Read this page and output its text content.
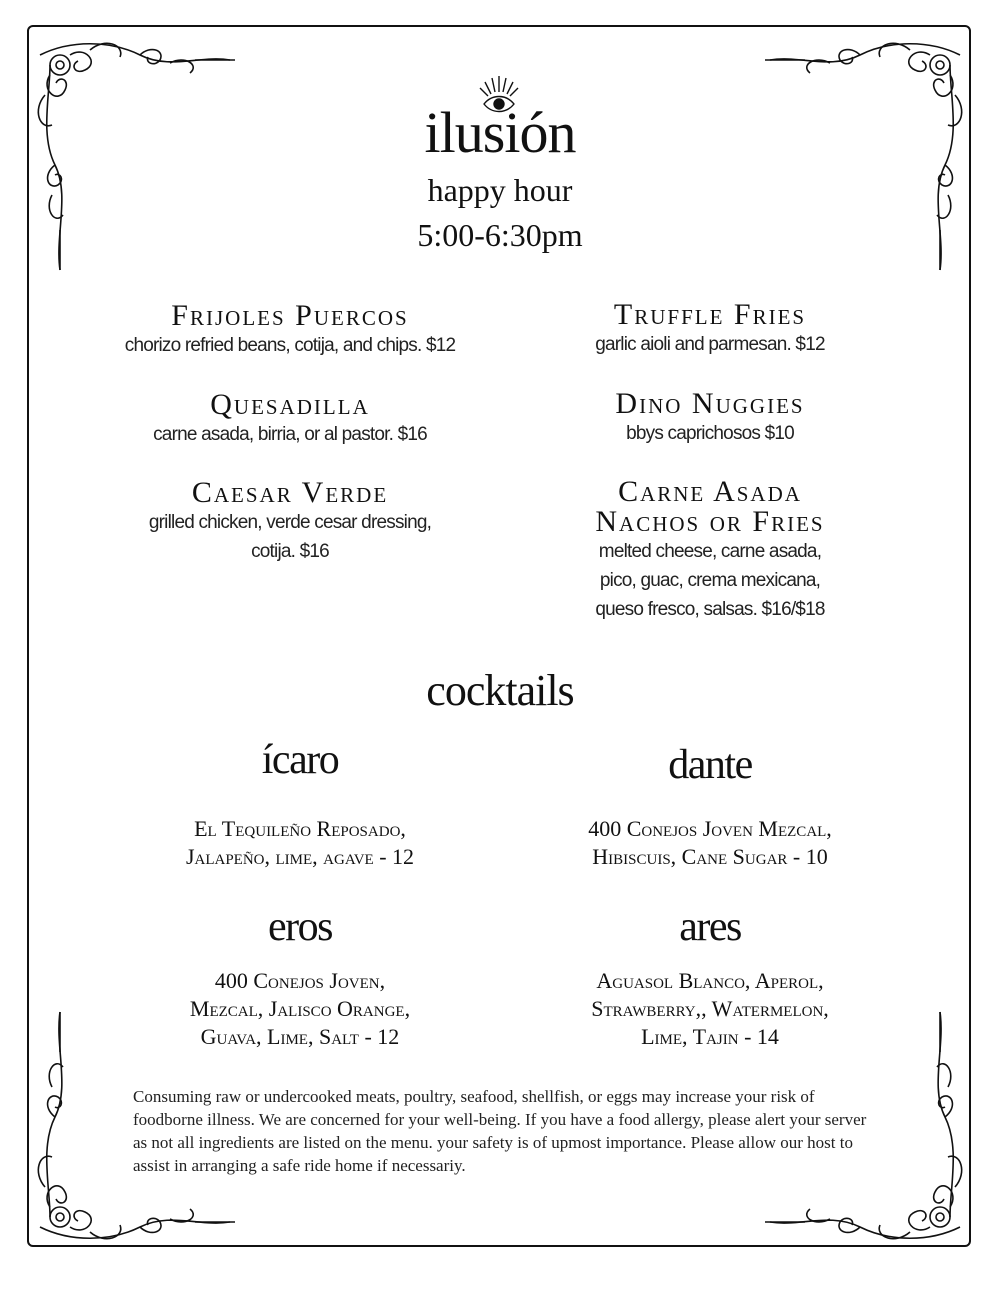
ilusión
happy hour
5:00-6:30pm
Frijoles Puercos
chorizo refried beans, cotija, and chips. $12
Quesadilla
carne asada, birria, or al pastor. $16
Caesar Verde
grilled chicken, verde cesar dressing,
cotija. $16
Truffle Fries
garlic aioli and parmesan. $12
Dino Nuggies
bbys caprichosos $10
Carne Asada
Nachos or Fries
melted cheese, carne asada,
pico, guac, crema mexicana,
queso fresco, salsas. $16/$18
cocktails
ícaro
El Tequileño Reposado,
Jalapeño, lime, agave - 12
dante
400 Conejos Joven Mezcal,
Hibiscuis, Cane Sugar - 10
eros
400 Conejos Joven,
Mezcal, Jalisco Orange,
Guava, Lime, Salt - 12
ares
Aguasol Blanco, Aperol,
Strawberry,, Watermelon,
Lime, Tajin - 14
Consuming raw or undercooked meats, poultry, seafood, shellfish, or eggs may increase your risk of foodborne illness. We are concerned for your well-being. If you have a food allergy, please alert your server as not all ingredients are listed on the menu. your safety is of upmost importance. Please allow our host to assist in arranging a safe ride home if necessariy.
